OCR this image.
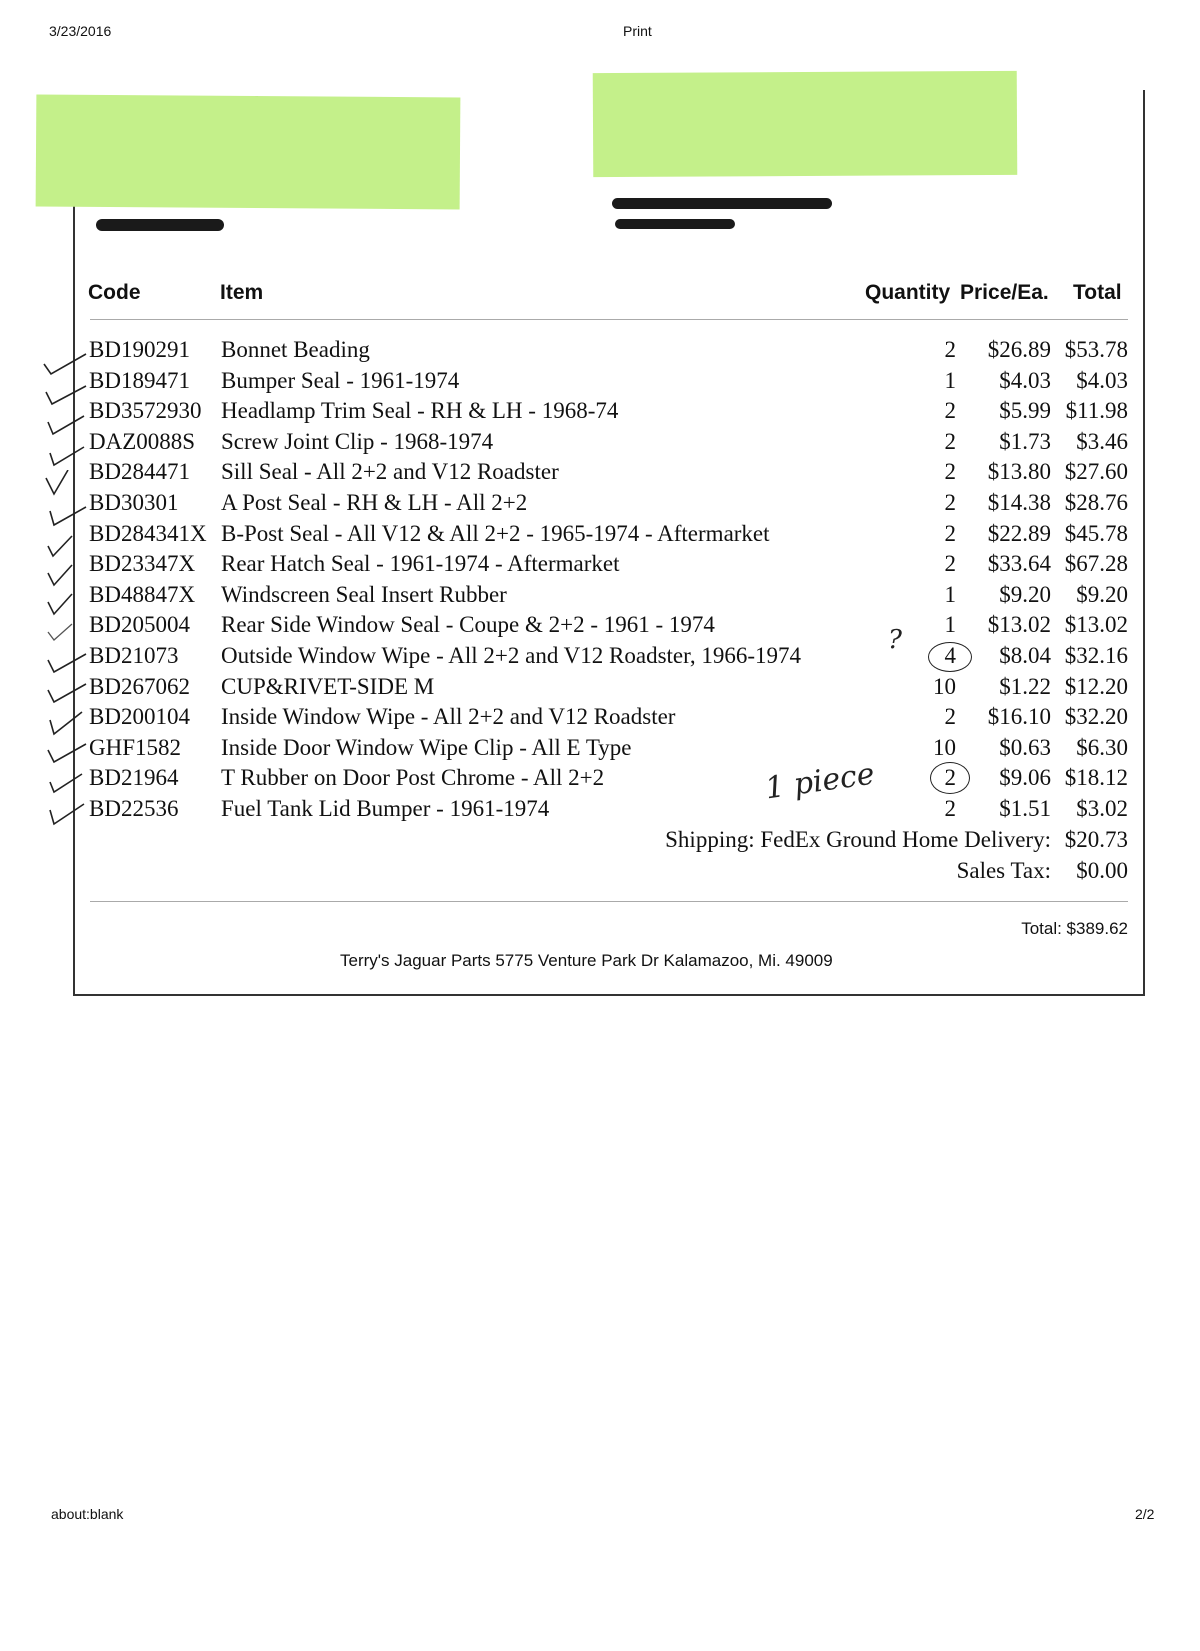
3/23/2016	Print
Code	Item	Quantity Price/Ea. Total
BD190291 Bonnet Beading	2 $26.89 $53.78
BD189471 Bumper Seal - 1961-1974	1 $4.03 $4.03
BD3572930 Headlamp Trim Seal - RH & LH - 1968-74	2 $5.99 $11.98
DAZ0088S Screw Joint Clip - 1968-1974	2 $1.73 $3.46
BD284471 Sill Seal - All 2+2 and V12 Roadster	2 $13.80 $27.60
BD30301 A Post Seal - RH & LH - All 2+2	2 $14.38 $28.76
BD284341X B-Post Seal - All V12 & All 2+2 - 1965-1974 - Aftermarket	2 $22.89 $45.78
BD23347X Rear Hatch Seal - 1961-1974 - Aftermarket	2 $33.64 $67.28
BD48847X Windscreen Seal Insert Rubber	1 $9.20 $9.20
BD205004 Rear Side Window Seal - Coupe & 2+2 - 1961 - 1974	1 $13.02 $13.02
BD21073 Outside Window Wipe - All 2+2 and V12 Roadster, 1966-1974	4 $8.04 $32.16
BD267062 CUP&RIVET-SIDE M	10 $1.22 $12.20
BD200104 Inside Window Wipe - All 2+2 and V12 Roadster	2 $16.10 $32.20
GHF1582 Inside Door Window Wipe Clip - All E Type	10 $0.63 $6.30
BD21964 T Rubber on Door Post Chrome - All 2+2	2 $9.06 $18.12
BD22536 Fuel Tank Lid Bumper - 1961-1974	2 $1.51 $3.02
?
1 piece
Shipping: FedEx Ground Home Delivery: $20.73
Sales Tax: $0.00
Total: $389.62
Terry's Jaguar Parts 5775 Venture Park Dr Kalamazoo, Mi. 49009
about:blank	2/2
